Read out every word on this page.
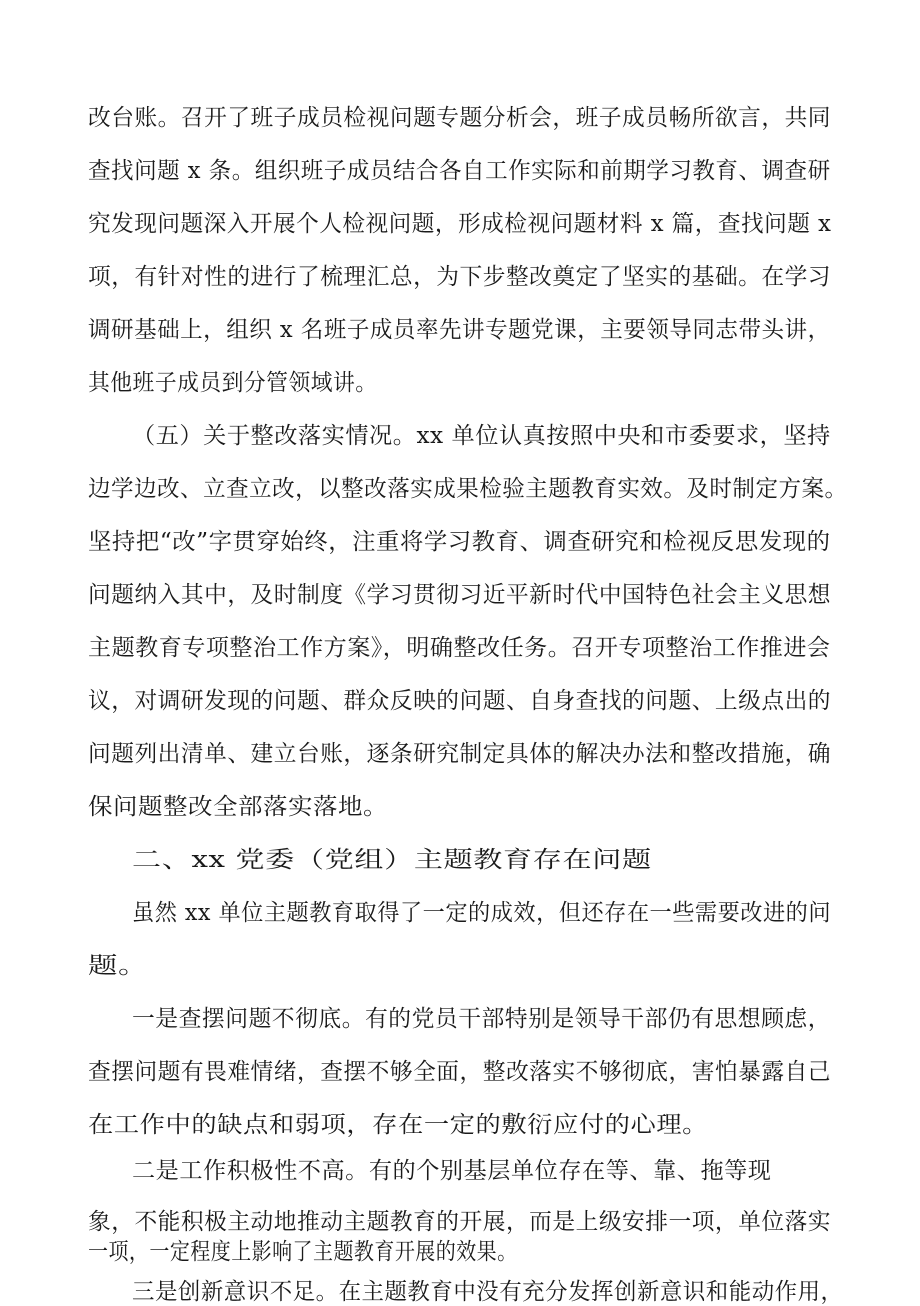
改台账。召开了班子成员检视问题专题分析会，班子成员畅所欲言，共同
查找问题 x 条。组织班子成员结合各自工作实际和前期学习教育、调查研
究发现问题深入开展个人检视问题，形成检视问题材料 x 篇，查找问题 x
项，有针对性的进行了梳理汇总，为下步整改奠定了坚实的基础。在学习
调研基础上，组织 x 名班子成员率先讲专题党课，主要领导同志带头讲，
其他班子成员到分管领域讲。
（五）关于整改落实情况。xx 单位认真按照中央和市委要求，坚持
边学边改、立查立改，以整改落实成果检验主题教育实效。及时制定方案。
坚持把“改”字贯穿始终，注重将学习教育、调查研究和检视反思发现的
问题纳入其中，及时制度《学习贯彻习近平新时代中国特色社会主义思想
主题教育专项整治工作方案》，明确整改任务。召开专项整治工作推进会
议，对调研发现的问题、群众反映的问题、自身查找的问题、上级点出的
问题列出清单、建立台账，逐条研究制定具体的解决办法和整改措施，确
保问题整改全部落实落地。
二、xx 党委（党组）主题教育存在问题
虽然 xx 单位主题教育取得了一定的成效，但还存在一些需要改进的问
题。
一是查摆问题不彻底。有的党员干部特别是领导干部仍有思想顾虑，
查摆问题有畏难情绪，查摆不够全面，整改落实不够彻底，害怕暴露自己
在工作中的缺点和弱项，存在一定的敷衍应付的心理。
二是工作积极性不高。有的个别基层单位存在等、靠、拖等现
象，不能积极主动地推动主题教育的开展，而是上级安排一项，单位落实
一项，一定程度上影响了主题教育开展的效果。
三是创新意识不足。在主题教育中没有充分发挥创新意识和能动作用，
